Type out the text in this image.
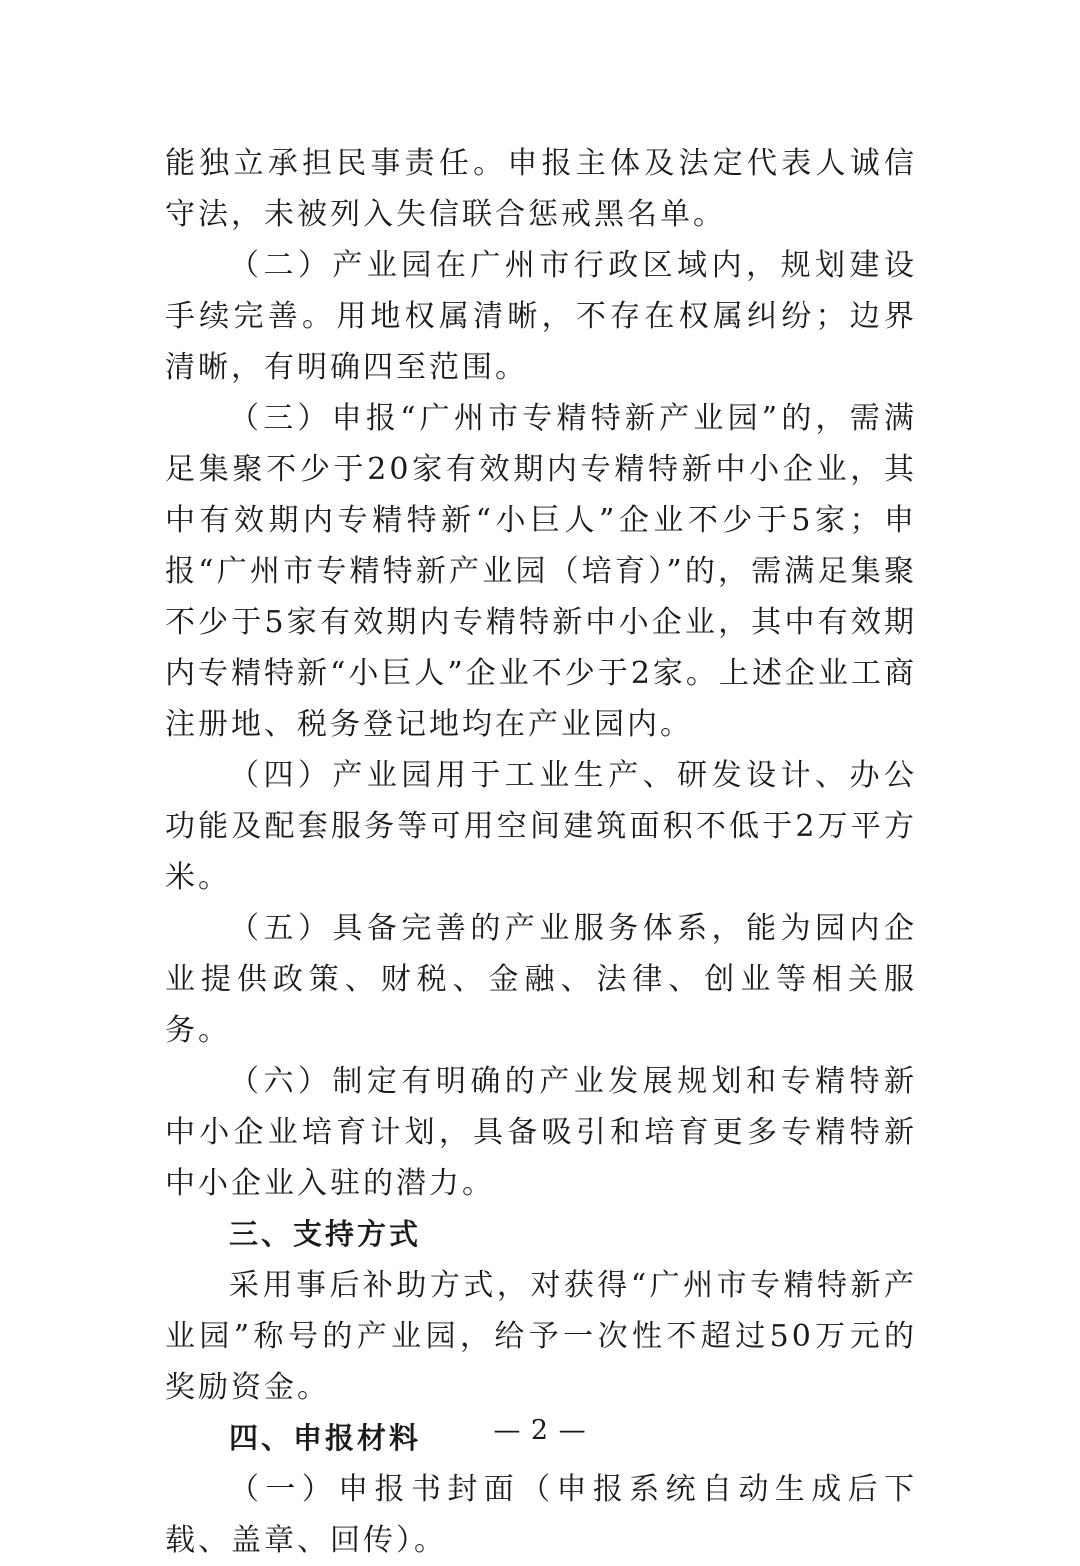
能独立承担民事责任。申报主体及法定代表人诚信守法，未被列入失信联合惩戒黑名单。

（二）产业园在广州市行政区域内，规划建设手续完善。用地权属清晰，不存在权属纠纷；边界清晰，有明确四至范围。

（三）申报“广州市专精特新产业园”的，需满足集聚不少于20家有效期内专精特新中小企业，其中有效期内专精特新“小巨人”企业不少于5家；申报“广州市专精特新产业园（培育）”的，需满足集聚不少于5家有效期内专精特新中小企业，其中有效期内专精特新“小巨人”企业不少于2家。上述企业工商注册地、税务登记地均在产业园内。

（四）产业园用于工业生产、研发设计、办公功能及配套服务等可用空间建筑面积不低于2万平方米。

（五）具备完善的产业服务体系，能为园内企业提供政策、财税、金融、法律、创业等相关服务。

（六）制定有明确的产业发展规划和专精特新中小企业培育计划，具备吸引和培育更多专精特新中小企业入驻的潜力。

三、支持方式

采用事后补助方式，对获得“广州市专精特新产业园”称号的产业园，给予一次性不超过50万元的奖励资金。

四、申报材料

（一）申报书封面（申报系统自动生成后下载、盖章、回传）。

— 2 —
